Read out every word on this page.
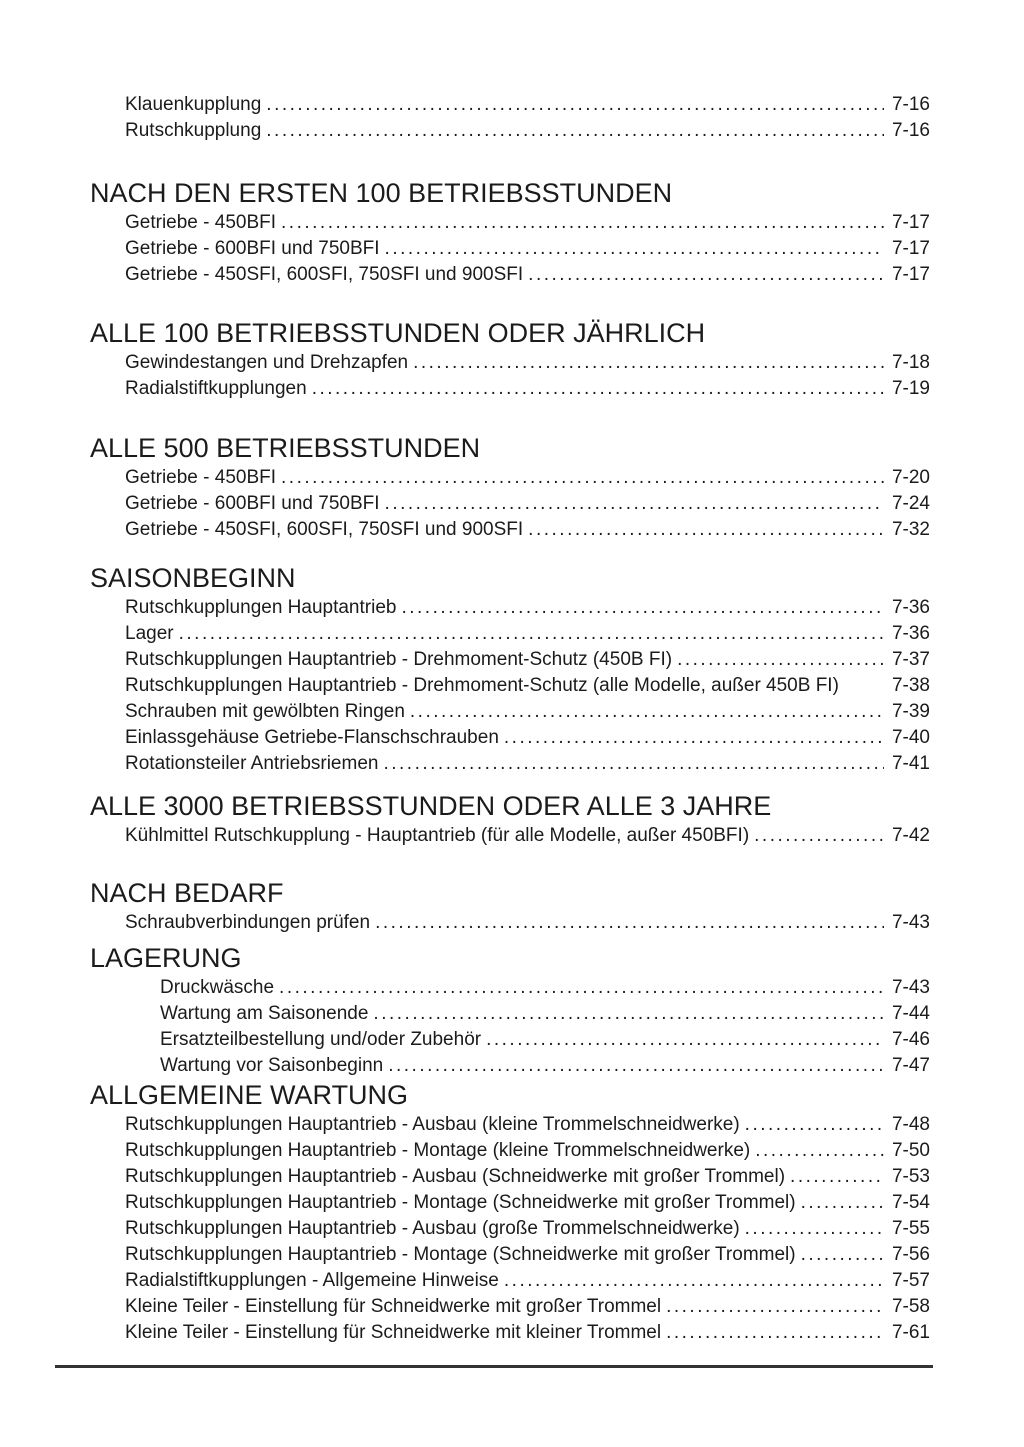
Klauenkupplung .....	7-16
Rutschkupplung .....	7-16
NACH DEN ERSTEN 100 BETRIEBSSTUNDEN
Getriebe - 450BFI .....	7-17
Getriebe - 600BFI und 750BFI .....	7-17
Getriebe - 450SFI, 600SFI, 750SFI und 900SFI .....	7-17
ALLE 100 BETRIEBSSTUNDEN ODER JÄHRLICH
Gewindestangen und Drehzapfen .....	7-18
Radialstiftkupplungen .....	7-19
ALLE 500 BETRIEBSSTUNDEN
Getriebe - 450BFI .....	7-20
Getriebe - 600BFI und 750BFI .....	7-24
Getriebe - 450SFI, 600SFI, 750SFI und 900SFI .....	7-32
SAISONBEGINN
Rutschkupplungen Hauptantrieb .....	7-36
Lager .....	7-36
Rutschkupplungen Hauptantrieb - Drehmoment-Schutz (450B FI) .....	7-37
Rutschkupplungen Hauptantrieb - Drehmoment-Schutz (alle Modelle, außer 450B FI)	7-38
Schrauben mit gewölbten Ringen .....	7-39
Einlassgehäuse Getriebe-Flanschschrauben .....	7-40
Rotationsteiler Antriebsriemen .....	7-41
ALLE 3000 BETRIEBSSTUNDEN ODER ALLE 3 JAHRE
Kühlmittel Rutschkupplung - Hauptantrieb (für alle Modelle, außer 450BFI) .....	7-42
NACH BEDARF
Schraubverbindungen prüfen .....	7-43
LAGERUNG
Druckwäsche .....	7-43
Wartung am Saisonende .....	7-44
Ersatzteilbestellung und/oder Zubehör .....	7-46
Wartung vor Saisonbeginn .....	7-47
ALLGEMEINE WARTUNG
Rutschkupplungen Hauptantrieb - Ausbau (kleine Trommelschneidwerke) .....	7-48
Rutschkupplungen Hauptantrieb - Montage (kleine Trommelschneidwerke) .....	7-50
Rutschkupplungen Hauptantrieb - Ausbau (Schneidwerke mit großer Trommel) .....	7-53
Rutschkupplungen Hauptantrieb - Montage (Schneidwerke mit großer Trommel) .....	7-54
Rutschkupplungen Hauptantrieb - Ausbau (große Trommelschneidwerke) .....	7-55
Rutschkupplungen Hauptantrieb - Montage (Schneidwerke mit großer Trommel) .....	7-56
Radialstiftkupplungen - Allgemeine Hinweise .....	7-57
Kleine Teiler - Einstellung für Schneidwerke mit großer Trommel .....	7-58
Kleine Teiler - Einstellung für Schneidwerke mit kleiner Trommel .....	7-61
